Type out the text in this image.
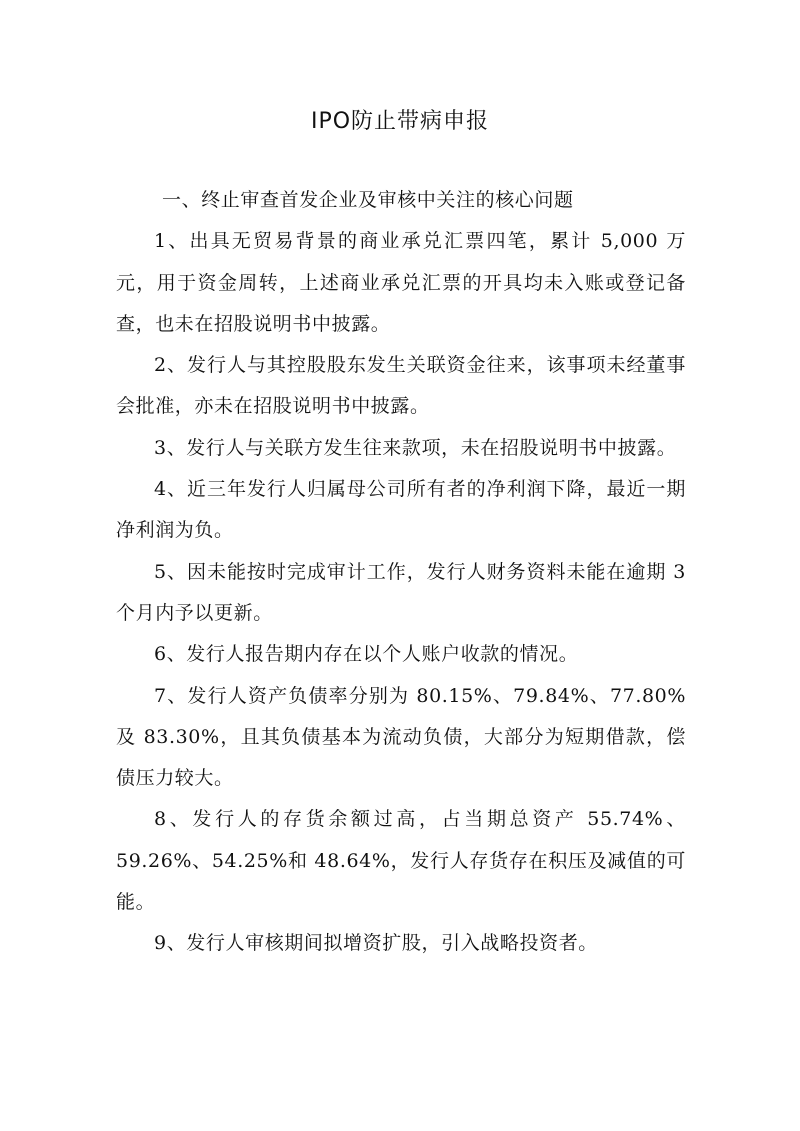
IPO防止带病申报

一、终止审查首发企业及审核中关注的核心问题

1、出具无贸易背景的商业承兑汇票四笔，累计 5,000 万元，用于资金周转，上述商业承兑汇票的开具均未入账或登记备查，也未在招股说明书中披露。

2、发行人与其控股股东发生关联资金往来，该事项未经董事会批准，亦未在招股说明书中披露。

3、发行人与关联方发生往来款项，未在招股说明书中披露。

4、近三年发行人归属母公司所有者的净利润下降，最近一期净利润为负。

5、因未能按时完成审计工作，发行人财务资料未能在逾期 3 个月内予以更新。

6、发行人报告期内存在以个人账户收款的情况。

7、发行人资产负债率分别为 80.15%、79.84%、77.80%及 83.30%，且其负债基本为流动负债，大部分为短期借款，偿债压力较大。

8、发行人的存货余额过高，占当期总资产 55.74%、59.26%、54.25%和 48.64%，发行人存货存在积压及减值的可能。

9、发行人审核期间拟增资扩股，引入战略投资者。
